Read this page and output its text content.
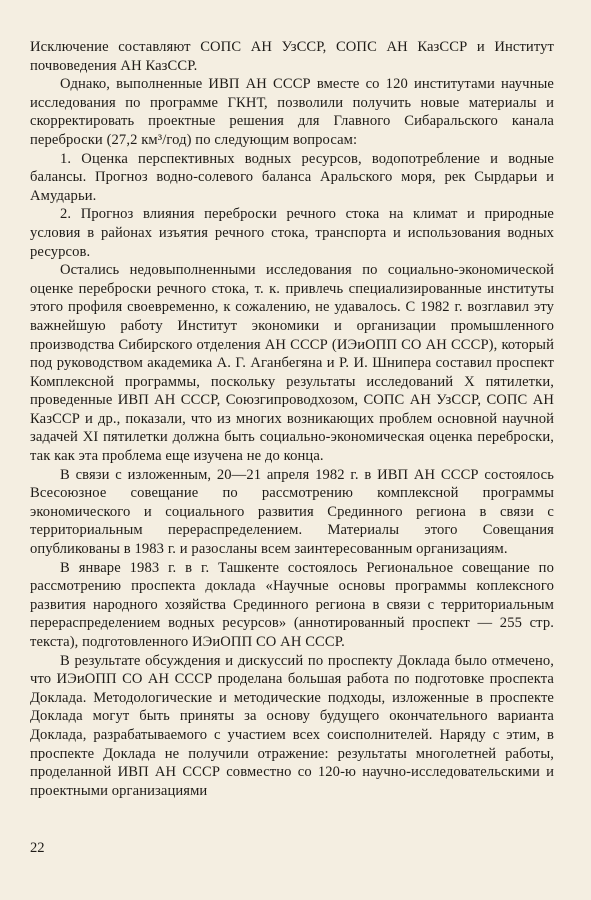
Исключение составляют СОПС АН УзССР, СОПС АН КазССР и Институт почвоведения АН КазССР.

Однако, выполненные ИВП АН СССР вместе со 120 институтами научные исследования по программе ГКНТ, позволили получить новые материалы и скорректировать проектные решения для Главного Сибаральского канала переброски (27,2 км³/год) по следующим вопросам:

1. Оценка перспективных водных ресурсов, водопотребление и водные балансы. Прогноз водно-солевого баланса Аральского моря, рек Сырдарьи и Амударьи.

2. Прогноз влияния переброски речного стока на климат и природные условия в районах изъятия речного стока, транспорта и использования водных ресурсов.

Остались недовыполненными исследования по социально-экономической оценке переброски речного стока, т. к. привлечь специализированные институты этого профиля своевременно, к сожалению, не удавалось. С 1982 г. возглавил эту важнейшую работу Институт экономики и организации промышленного производства Сибирского отделения АН СССР (ИЭиОПП СО АН СССР), который под руководством академика А. Г. Аганбегяна и Р. И. Шнипера составил проспект Комплексной программы, поскольку результаты исследований X пятилетки, проведенные ИВП АН СССР, Союзгипроводхозом, СОПС АН УзССР, СОПС АН КазССР и др., показали, что из многих возникающих проблем основной научной задачей XI пятилетки должна быть социально-экономическая оценка переброски, так как эта проблема еще изучена не до конца.

В связи с изложенным, 20—21 апреля 1982 г. в ИВП АН СССР состоялось Всесоюзное совещание по рассмотрению комплексной программы экономического и социального развития Срединного региона в связи с территориальным перераспределением. Материалы этого Совещания опубликованы в 1983 г. и разосланы всем заинтересованным организациям.

В январе 1983 г. в г. Ташкенте состоялось Региональное совещание по рассмотрению проспекта доклада «Научные основы программы коплексного развития народного хозяйства Срединного региона в связи с территориальным перераспределением водных ресурсов» (аннотированный проспект — 255 стр. текста), подготовленного ИЭиОПП СО АН СССР.

В результате обсуждения и дискуссий по проспекту Доклада было отмечено, что ИЭиОПП СО АН СССР проделана большая работа по подготовке проспекта Доклада. Методологические и методические подходы, изложенные в проспекте Доклада могут быть приняты за основу будущего окончательного варианта Доклада, разрабатываемого с участием всех соисполнителей. Наряду с этим, в проспекте Доклада не получили отражение: результаты многолетней работы, проделанной ИВП АН СССР совместно со 120-ю научно-исследовательскими и проектными организациями

22
